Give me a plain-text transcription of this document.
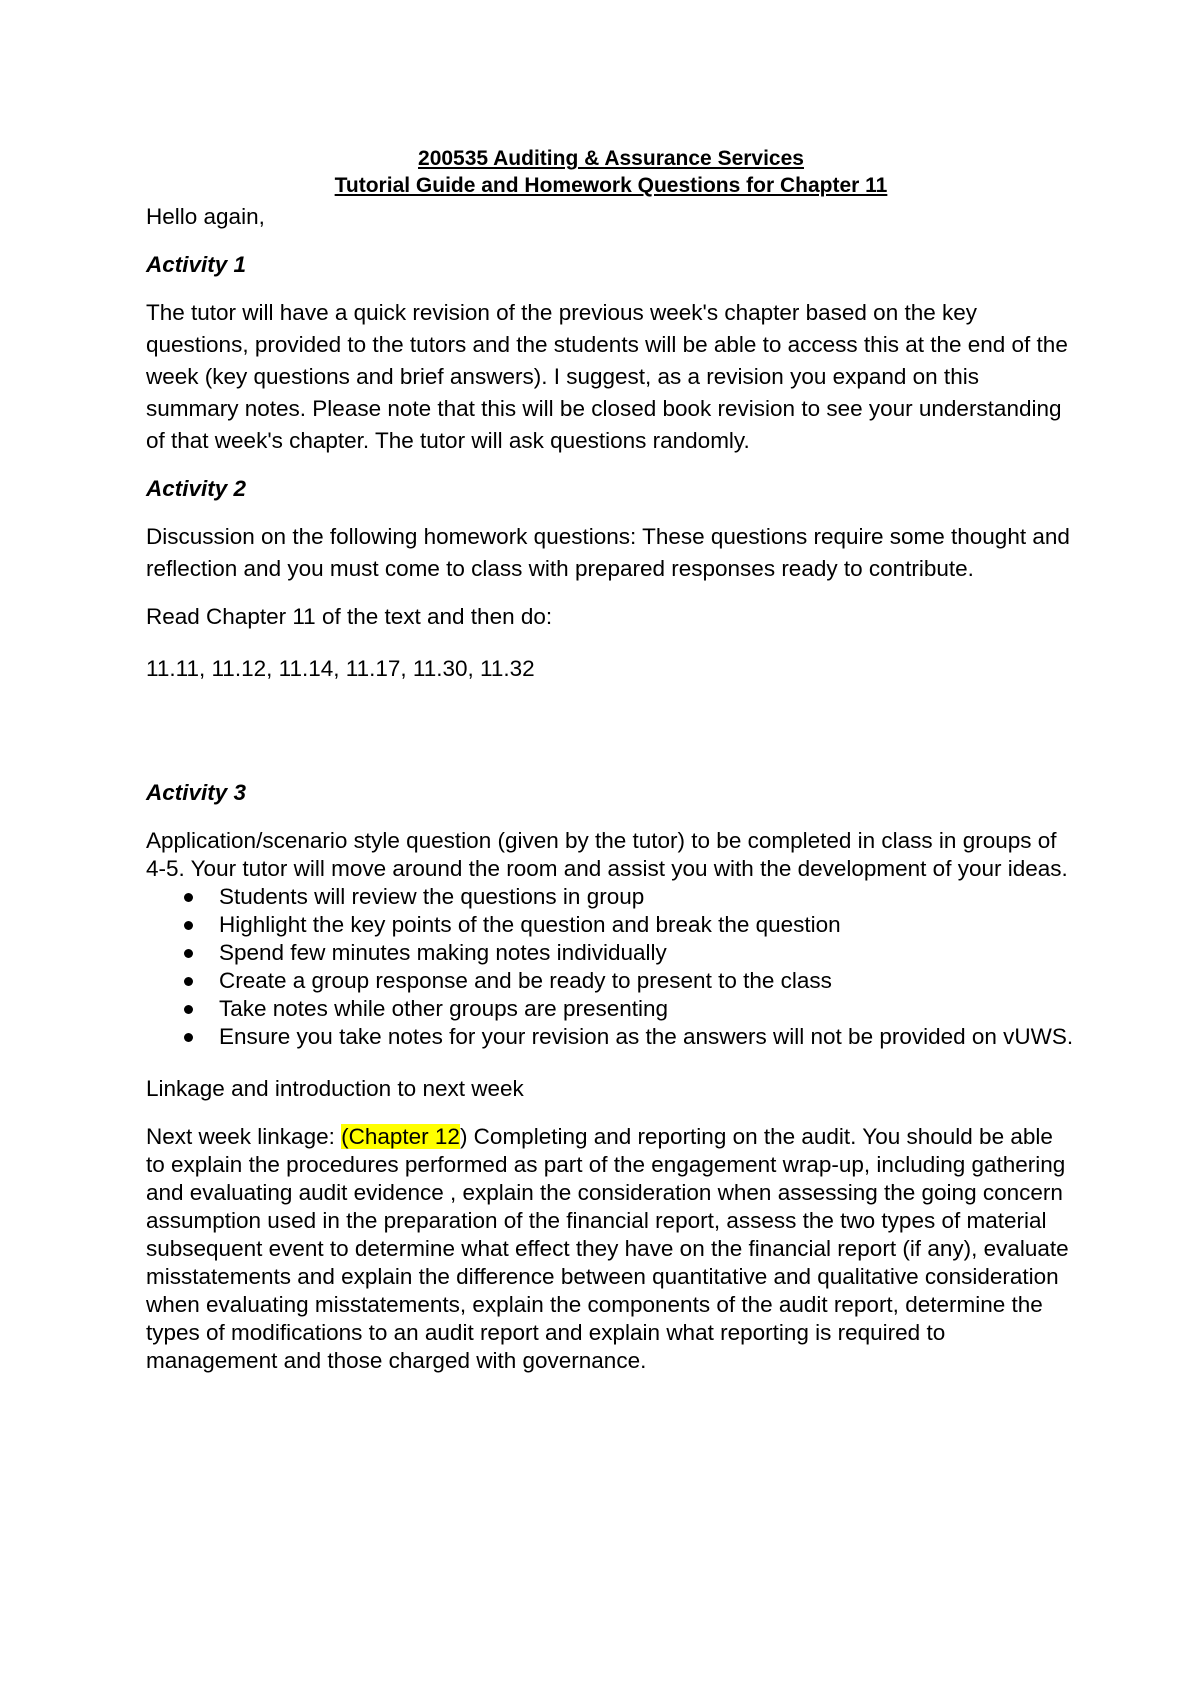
200535 Auditing & Assurance Services

Tutorial Guide and Homework Questions for Chapter 11

Hello again,

Activity 1

The tutor will have a quick revision of the previous week's chapter based on the key questions, provided to the tutors and the students will be able to access this at the end of the week (key questions and brief answers). I suggest, as a revision you expand on this summary notes. Please note that this will be closed book revision to see your understanding of that week's chapter. The tutor will ask questions randomly.

Activity 2

Discussion on the following homework questions: These questions require some thought and reflection and you must come to class with prepared responses ready to contribute.

Read Chapter 11 of the text and then do:

11.11, 11.12, 11.14, 11.17, 11.30, 11.32

Activity 3

Application/scenario style question (given by the tutor) to be completed in class in groups of 4-5. Your tutor will move around the room and assist you with the development of your ideas.

Students will review the questions in group
Highlight the key points of the question and break the question
Spend few minutes making notes individually
Create a group response and be ready to present to the class
Take notes while other groups are presenting
Ensure you take notes for your revision as the answers will not be provided on vUWS.

Linkage and introduction to next week

Next week linkage: (Chapter 12) Completing and reporting on the audit. You should be able to explain the procedures performed as part of the engagement wrap-up, including gathering and evaluating audit evidence , explain the consideration when assessing the going concern assumption used in the preparation of the financial report, assess the two types of material subsequent event to determine what effect they have on the financial report (if any), evaluate misstatements and explain the difference between quantitative and qualitative consideration when evaluating misstatements, explain the components of the audit report, determine the types of modifications to an audit report and explain what reporting is required to management and those charged with governance.
